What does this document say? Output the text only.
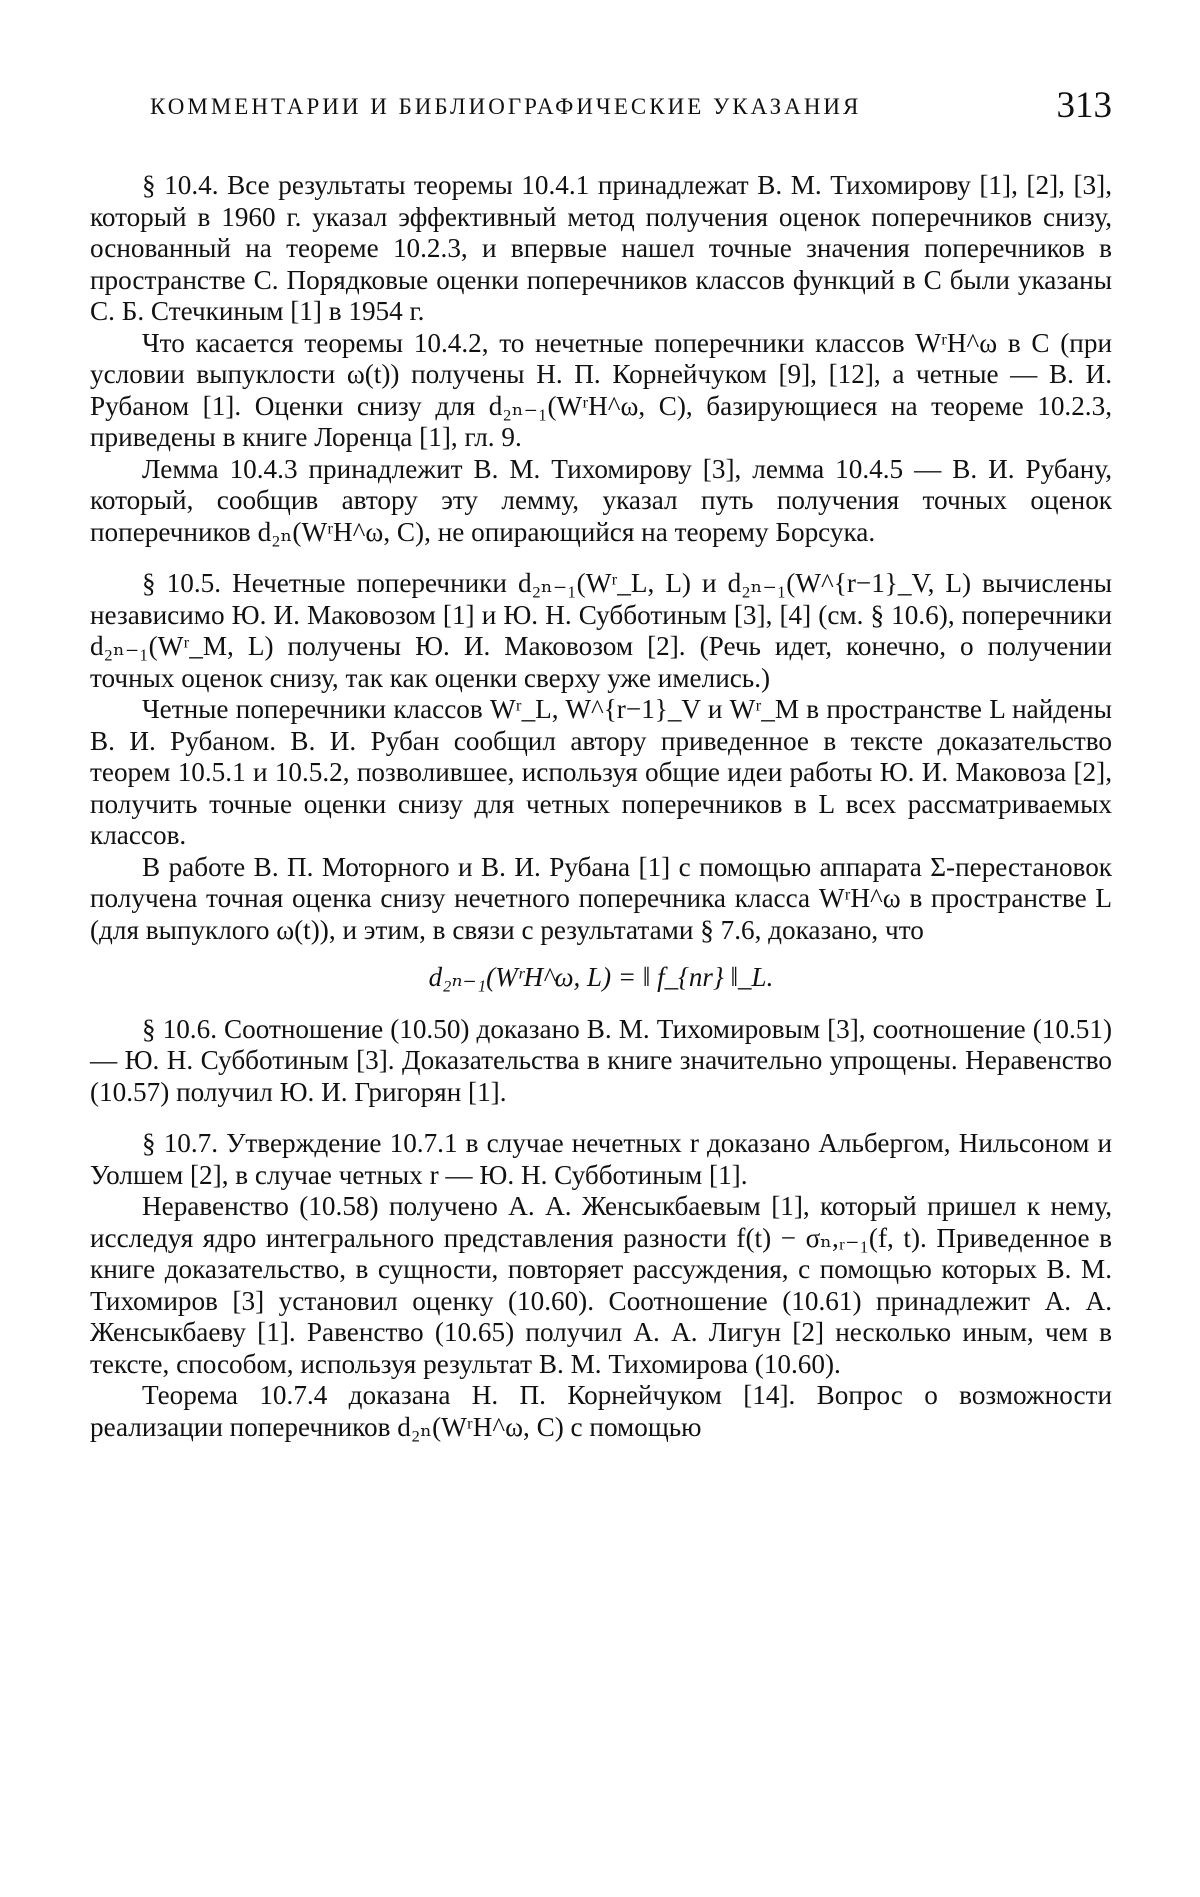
КОММЕНТАРИИ И БИБЛИОГРАФИЧЕСКИЕ УКАЗАНИЯ	313

§ 10.4. Все результаты теоремы 10.4.1 принадлежат В. М. Тихомирову [1], [2], [3], который в 1960 г. указал эффективный метод получения оценок поперечников снизу, основанный на теореме 10.2.3, и впервые нашел точные значения поперечников в пространстве C. Порядковые оценки поперечников классов функций в C были указаны С. Б. Стечкиным [1] в 1954 г.

Что касается теоремы 10.4.2, то нечетные поперечники классов WʳH^ω в C (при условии выпуклости ω(t)) получены Н. П. Корнейчуком [9], [12], а четные — В. И. Рубаном [1]. Оценки снизу для d₂ₙ₋₁(WʳH^ω, C), базирующиеся на теореме 10.2.3, приведены в книге Лоренца [1], гл. 9.

Лемма 10.4.3 принадлежит В. М. Тихомирову [3], лемма 10.4.5 — В. И. Рубану, который, сообщив автору эту лемму, указал путь получения точных оценок поперечников d₂ₙ(WʳH^ω, C), не опирающийся на теорему Борсука.

§ 10.5. Нечетные поперечники d₂ₙ₋₁(Wʳ_L, L) и d₂ₙ₋₁(W^{r−1}_V, L) вычислены независимо Ю. И. Маковозом [1] и Ю. Н. Субботиным [3], [4] (см. § 10.6), поперечники d₂ₙ₋₁(Wʳ_M, L) получены Ю. И. Маковозом [2]. (Речь идет, конечно, о получении точных оценок снизу, так как оценки сверху уже имелись.)

Четные поперечники классов Wʳ_L, W^{r−1}_V и Wʳ_M в пространстве L найдены В. И. Рубаном. В. И. Рубан сообщил автору приведенное в тексте доказательство теорем 10.5.1 и 10.5.2, позволившее, используя общие идеи работы Ю. И. Маковоза [2], получить точные оценки снизу для четных поперечников в L всех рассматриваемых классов.

В работе В. П. Моторного и В. И. Рубана [1] с помощью аппарата Σ-перестановок получена точная оценка снизу нечетного поперечника класса WʳH^ω в пространстве L (для выпуклого ω(t)), и этим, в связи с результатами § 7.6, доказано, что

d₂ₙ₋₁(WʳH^ω, L) = ‖ f_{nr} ‖_L.

§ 10.6. Соотношение (10.50) доказано В. М. Тихомировым [3], соотношение (10.51) — Ю. Н. Субботиным [3]. Доказательства в книге значительно упрощены. Неравенство (10.57) получил Ю. И. Григорян [1].

§ 10.7. Утверждение 10.7.1 в случае нечетных r доказано Альбергом, Нильсоном и Уолшем [2], в случае четных r — Ю. Н. Субботиным [1].

Неравенство (10.58) получено А. А. Женсыкбаевым [1], который пришел к нему, исследуя ядро интегрального представления разности f(t) − σₙ,ᵣ₋₁(f, t). Приведенное в книге доказательство, в сущности, повторяет рассуждения, с помощью которых В. М. Тихомиров [3] установил оценку (10.60). Соотношение (10.61) принадлежит А. А. Женсыкбаеву [1]. Равенство (10.65) получил А. А. Лигун [2] несколько иным, чем в тексте, способом, используя результат В. М. Тихомирова (10.60).

Теорема 10.7.4 доказана Н. П. Корнейчуком [14]. Вопрос о возможности реализации поперечников d₂ₙ(WʳH^ω, C) с помощью
